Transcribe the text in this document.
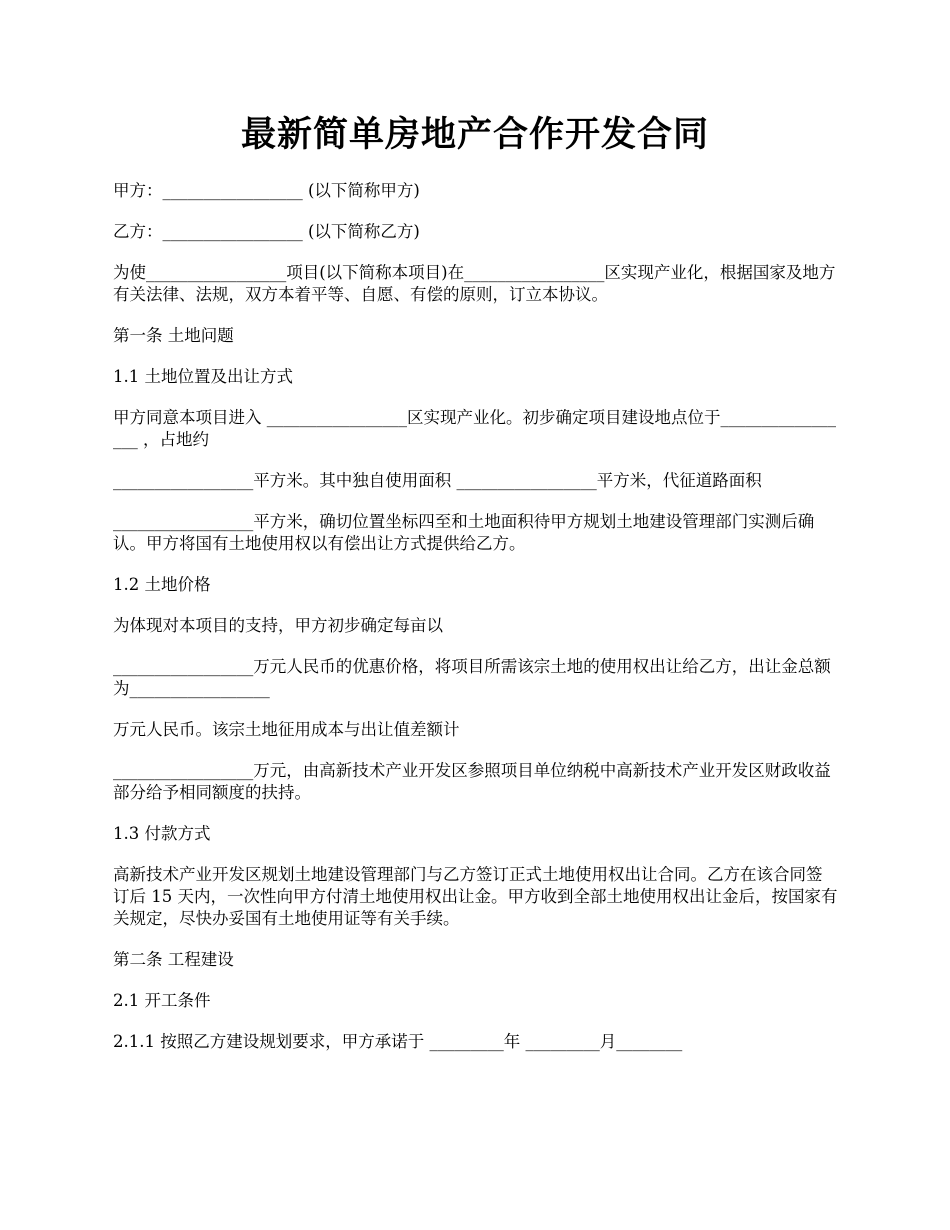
最新简单房地产合作开发合同

甲方：_________________ (以下简称甲方)

乙方：_________________ (以下简称乙方)

为使_________________项目(以下简称本项目)在_________________区实现产业化，根据国家及地方有关法律、法规，双方本着平等、自愿、有偿的原则，订立本协议。

第一条 土地问题

1.1 土地位置及出让方式

甲方同意本项目进入 _________________区实现产业化。初步确定项目建设地点位于_________________ ，占地约

_________________平方米。其中独自使用面积 _________________平方米，代征道路面积

_________________平方米，确切位置坐标四至和土地面积待甲方规划土地建设管理部门实测后确认。甲方将国有土地使用权以有偿出让方式提供给乙方。

1.2 土地价格

为体现对本项目的支持，甲方初步确定每亩以

_________________万元人民币的优惠价格，将项目所需该宗土地的使用权出让给乙方，出让金总额为_________________

万元人民币。该宗土地征用成本与出让值差额计

_________________万元，由高新技术产业开发区参照项目单位纳税中高新技术产业开发区财政收益部分给予相同额度的扶持。

1.3 付款方式

高新技术产业开发区规划土地建设管理部门与乙方签订正式土地使用权出让合同。乙方在该合同签订后 15 天内，一次性向甲方付清土地使用权出让金。甲方收到全部土地使用权出让金后，按国家有关规定，尽快办妥国有土地使用证等有关手续。

第二条 工程建设

2.1 开工条件

2.1.1 按照乙方建设规划要求，甲方承诺于 _________年 _________月________
